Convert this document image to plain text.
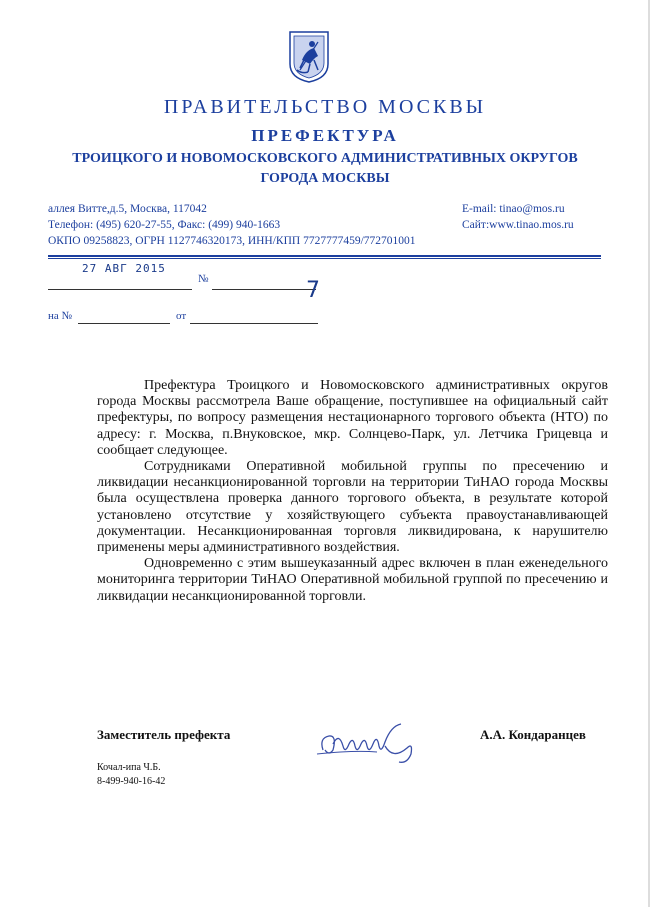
ПРАВИТЕЛЬСТВО МОСКВЫ
ПРЕФЕКТУРА
ТРОИЦКОГО И НОВОМОСКОВСКОГО АДМИНИСТРАТИВНЫХ ОКРУГОВ
ГОРОДА МОСКВЫ
аллея Витте,д.5, Москва, 117042
Телефон: (495) 620-27-55, Факс: (499) 940-1663
ОКПО 09258823, ОГРН 1127746320173, ИНН/КПП 7727777459/772701001
E-mail: tinao@mos.ru
Сайт:www.tinao.mos.ru
27 АВГ 2015
№	7
на №	от

Префектура Троицкого и Новомосковского административных округов города Москвы рассмотрела Ваше обращение, поступившее на официальный сайт префектуры, по вопросу размещения нестационарного торгового объекта (НТО) по адресу: г. Москва, п.Внуковское, мкр. Солнцево-Парк, ул. Летчика Грицевца и сообщает следующее.

Сотрудниками Оперативной мобильной группы по пресечению и ликвидации несанкционированной торговли на территории ТиНАО города Москвы была осуществлена проверка данного торгового объекта, в результате которой установлено отсутствие у хозяйствующего субъекта правоустанавливающей документации. Несанкционированная торговля ликвидирована, к нарушителю применены меры административного воздействия.

Одновременно с этим вышеуказанный адрес включен в план еженедельного мониторинга территории ТиНАО Оперативной мобильной группой по пресечению и ликвидации несанкционированной торговли.

Заместитель префекта	А.А. Кондаранцев
Кочал-ипа Ч.Б.
8-499-940-16-42
